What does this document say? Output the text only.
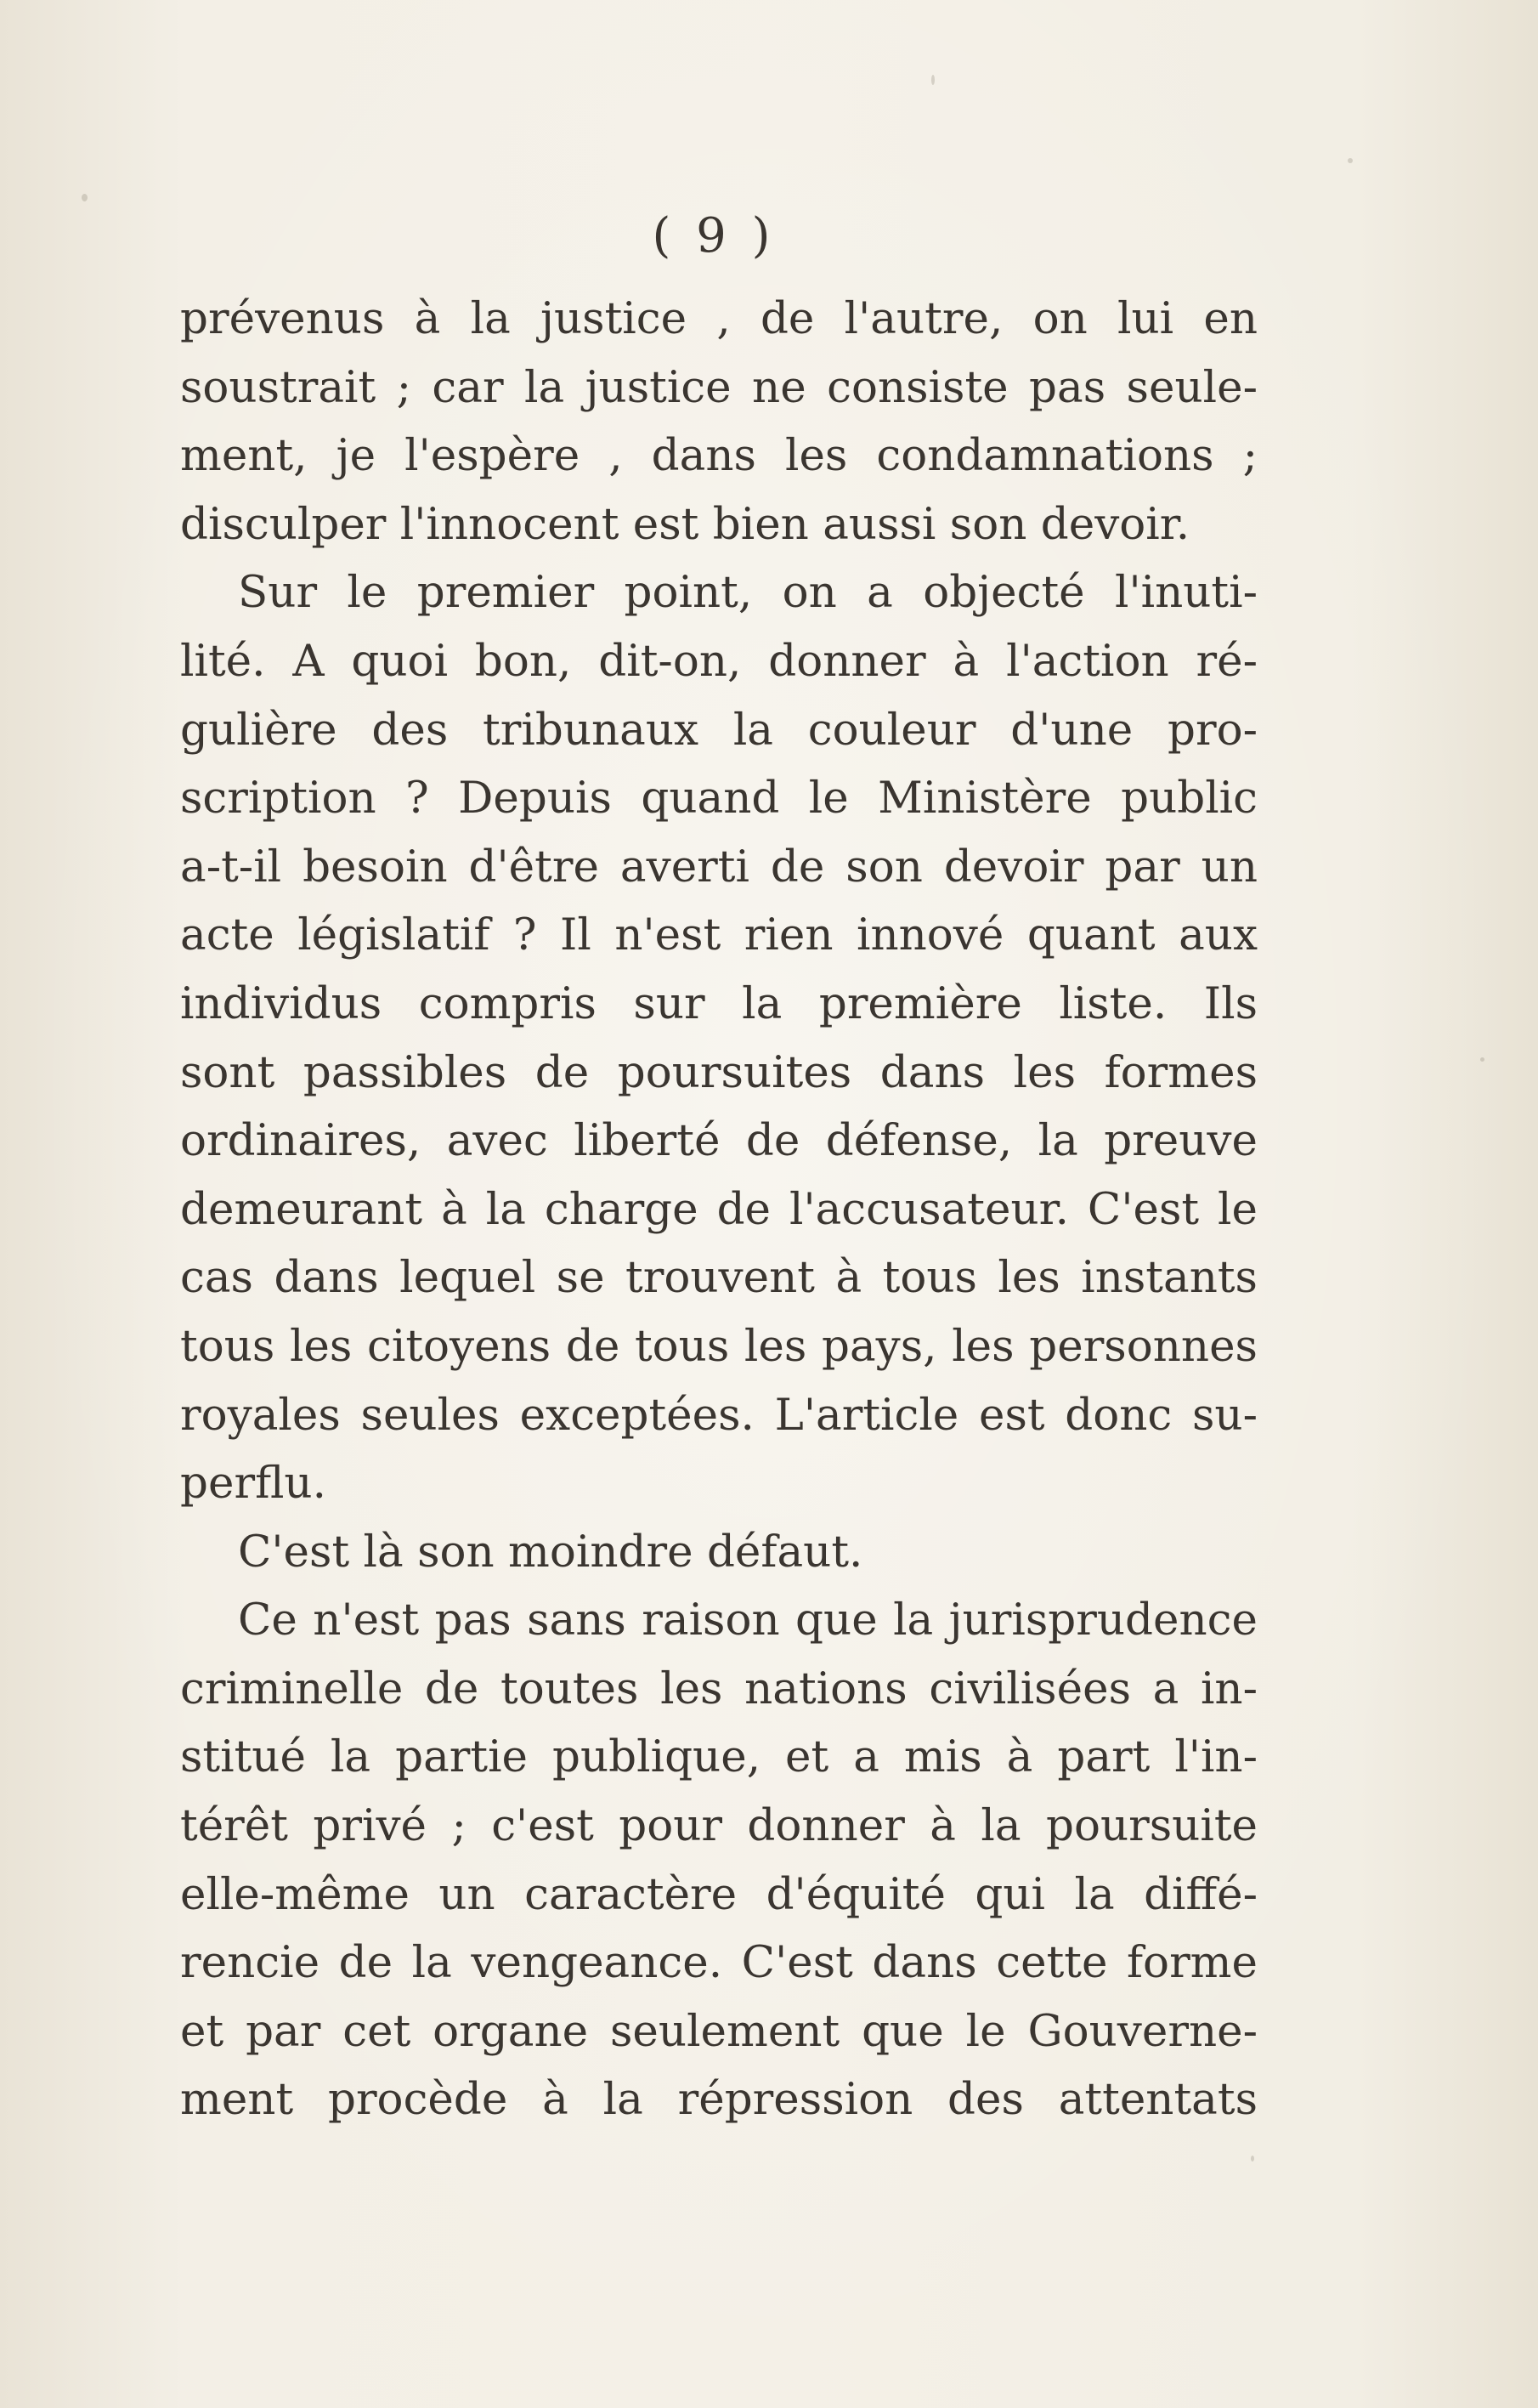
( 9 )
prévenus à la justice , de l'autre, on lui en
soustrait ; car la justice ne consiste pas seule-
ment, je l'espère , dans les condamnations ;
disculper l'innocent est bien aussi son devoir.
Sur le premier point, on a objecté l'inuti-
lité. A quoi bon, dit-on, donner à l'action ré-
gulière des tribunaux la couleur d'une pro-
scription ? Depuis quand le Ministère public
a-t-il besoin d'être averti de son devoir par un
acte législatif ? Il n'est rien innové quant aux
individus compris sur la première liste. Ils
sont passibles de poursuites dans les formes
ordinaires, avec liberté de défense, la preuve
demeurant à la charge de l'accusateur. C'est le
cas dans lequel se trouvent à tous les instants
tous les citoyens de tous les pays, les personnes
royales seules exceptées. L'article est donc su-
perflu.
C'est là son moindre défaut.
Ce n'est pas sans raison que la jurisprudence
criminelle de toutes les nations civilisées a in-
stitué la partie publique, et a mis à part l'in-
térêt privé ; c'est pour donner à la poursuite
elle-même un caractère d'équité qui la diffé-
rencie de la vengeance. C'est dans cette forme
et par cet organe seulement que le Gouverne-
ment procède à la répression des attentats
